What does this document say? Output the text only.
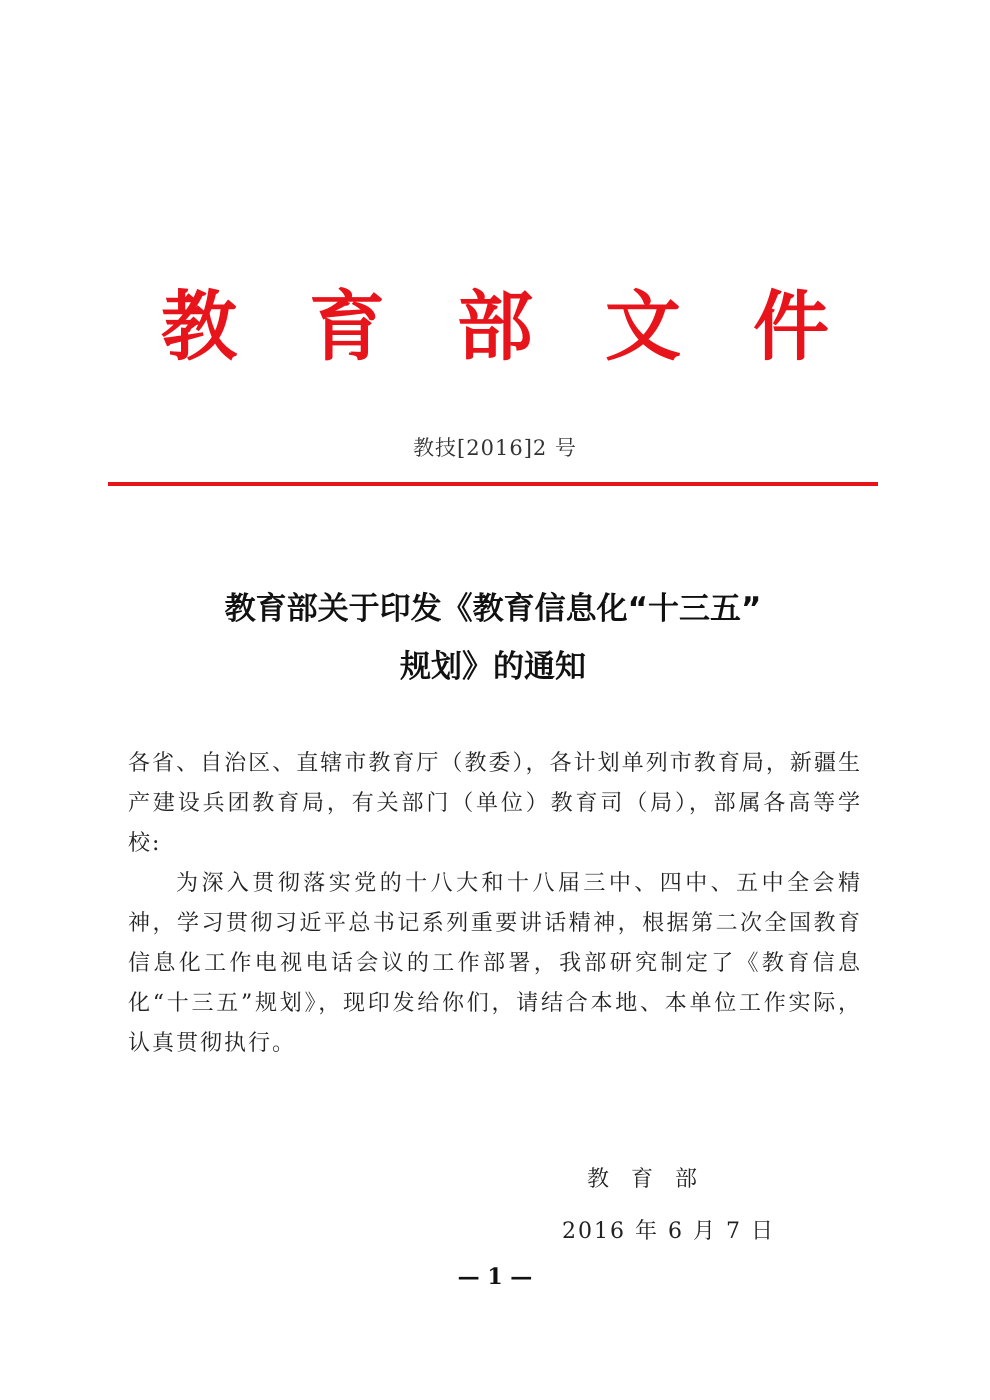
教 育 部 文 件
教技[2016]2 号
教育部关于印发《教育信息化“十三五”
规划》的通知

各省、自治区、直辖市教育厅（教委），各计划单列市教育局，新疆生产建设兵团教育局，有关部门（单位）教育司（局），部属各高等学校:

为深入贯彻落实党的十八大和十八届三中、四中、五中全会精神，学习贯彻习近平总书记系列重要讲话精神，根据第二次全国教育信息化工作电视电话会议的工作部署，我部研究制定了《教育信息化“十三五”规划》，现印发给你们，请结合本地、本单位工作实际，认真贯彻执行。

教育部
2016 年 6 月 7 日
— 1 —
